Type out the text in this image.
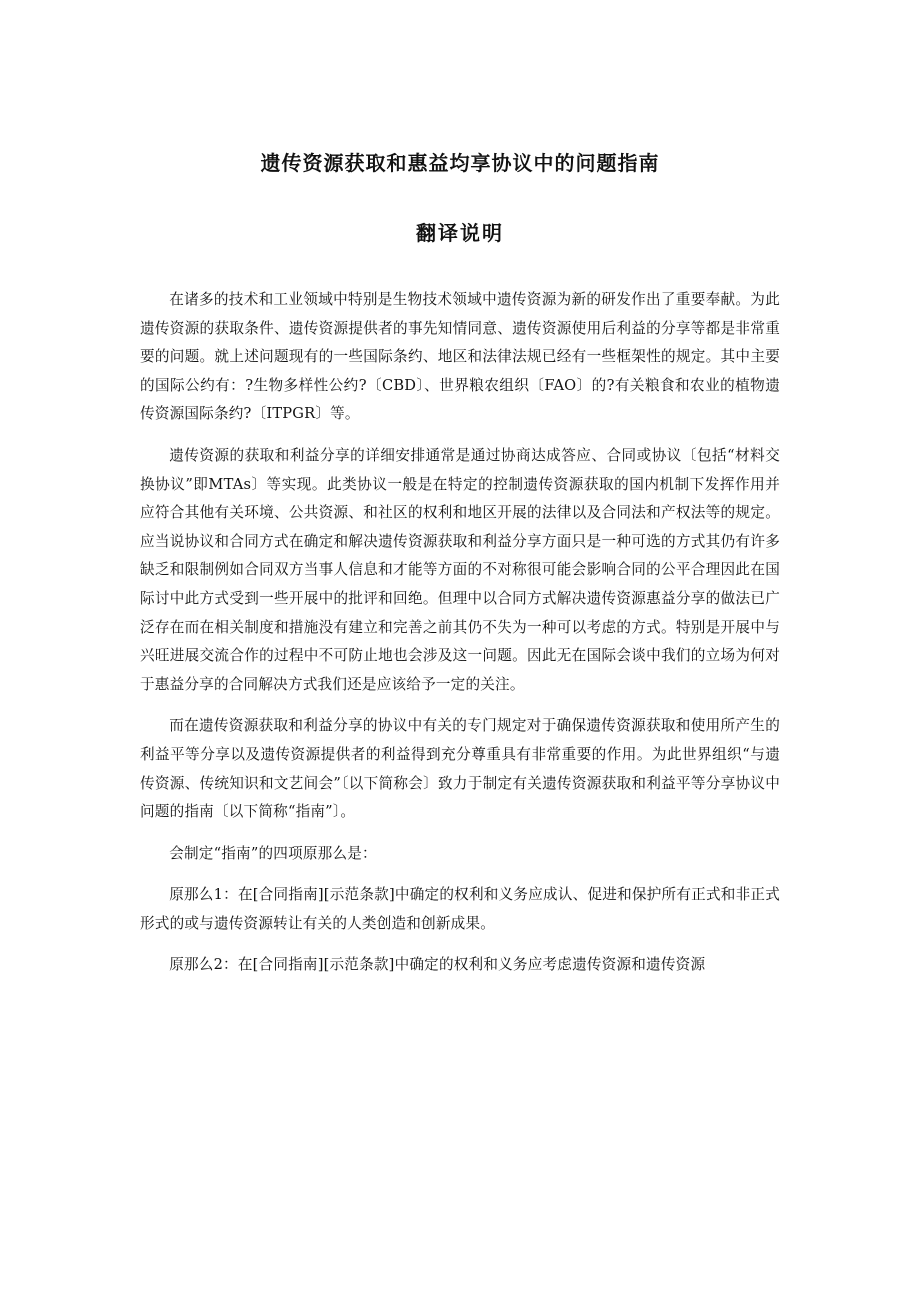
遗传资源获取和惠益均享协议中的问题指南
翻译说明

在诸多的技术和工业领域中特别是生物技术领域中遗传资源为新的研发作出了重要奉献。为此遗传资源的获取条件、遗传资源提供者的事先知情同意、遗传资源使用后利益的分享等都是非常重要的问题。就上述问题现有的一些国际条约、地区和法律法规已经有一些框架性的规定。其中主要的国际公约有：?生物多样性公约?〔CBD〕、世界粮农组织〔FAO〕的?有关粮食和农业的植物遗传资源国际条约?〔ITPGR〕等。

遗传资源的获取和利益分享的详细安排通常是通过协商达成答应、合同或协议〔包括“材料交换协议”即MTAs〕等实现。此类协议一般是在特定的控制遗传资源获取的国内机制下发挥作用并应符合其他有关环境、公共资源、和社区的权利和地区开展的法律以及合同法和产权法等的规定。应当说协议和合同方式在确定和解决遗传资源获取和利益分享方面只是一种可选的方式其仍有许多缺乏和限制例如合同双方当事人信息和才能等方面的不对称很可能会影响合同的公平合理因此在国际讨中此方式受到一些开展中的批评和回绝。但理中以合同方式解决遗传资源惠益分享的做法已广泛存在而在相关制度和措施没有建立和完善之前其仍不失为一种可以考虑的方式。特别是开展中与兴旺进展交流合作的过程中不可防止地也会涉及这一问题。因此无在国际会谈中我们的立场为何对于惠益分享的合同解决方式我们还是应该给予一定的关注。

而在遗传资源获取和利益分享的协议中有关的专门规定对于确保遗传资源获取和使用所产生的利益平等分享以及遗传资源提供者的利益得到充分尊重具有非常重要的作用。为此世界组织“与遗传资源、传统知识和文艺间会”〔以下简称会〕致力于制定有关遗传资源获取和利益平等分享协议中问题的指南〔以下简称“指南”〕。

会制定“指南”的四项原那么是：

原那么1：在[合同指南][示范条款]中确定的权利和义务应成认、促进和保护所有正式和非正式形式的或与遗传资源转让有关的人类创造和创新成果。

原那么2：在[合同指南][示范条款]中确定的权利和义务应考虑遗传资源和遗传资源
